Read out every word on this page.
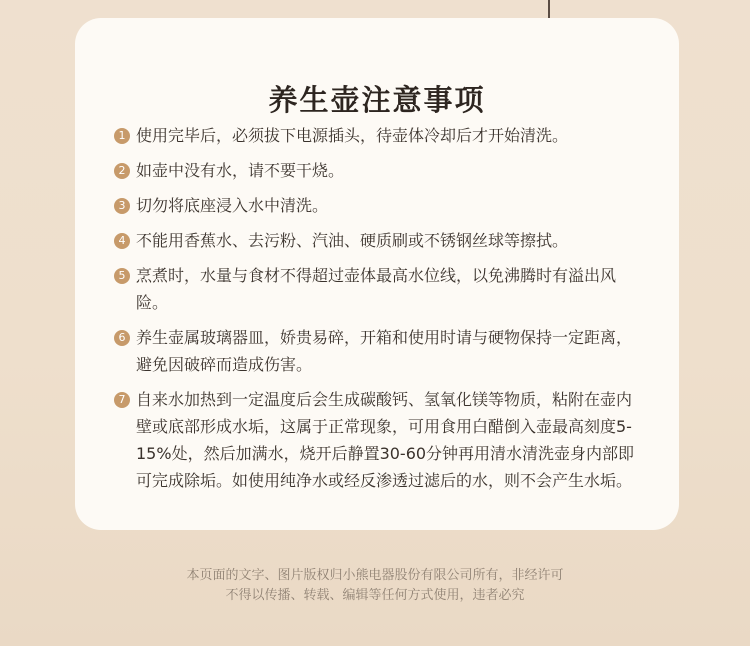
养生壶注意事项
1 使用完毕后，必须拔下电源插头，待壶体冷却后才开始清洗。
2 如壶中没有水，请不要干烧。
3 切勿将底座浸入水中清洗。
4 不能用香蕉水、去污粉、汽油、硬质刷或不锈钢丝球等擦拭。
5 烹煮时，水量与食材不得超过壶体最高水位线，以免沸腾时有溢出风险。
6 养生壶属玻璃器皿，娇贵易碎，开箱和使用时请与硬物保持一定距离，避免因破碎而造成伤害。
7 自来水加热到一定温度后会生成碳酸钙、氢氧化镁等物质，粘附在壶内壁或底部形成水垢，这属于正常现象，可用食用白醋倒入壶最高刻度5-15%处，然后加满水，烧开后静置30-60分钟再用清水清洗壶身内部即可完成除垢。如使用纯净水或经反渗透过滤后的水，则不会产生水垢。
本页面的文字、图片版权归小熊电器股份有限公司所有，非经许可
不得以传播、转载、编辑等任何方式使用，违者必究
